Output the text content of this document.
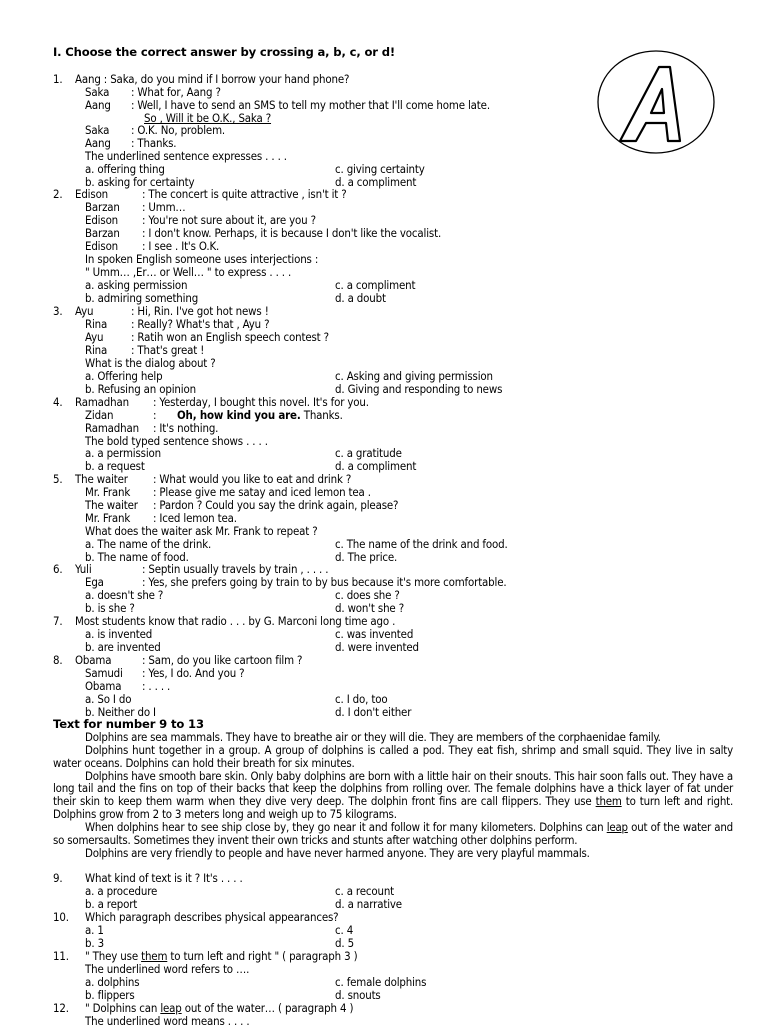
I. Choose the correct answer by crossing a, b, c, or d!
1. Aang : Saka, do you mind if I borrow your hand phone?
Saka : What for, Aang ?
Aang : Well, I have to send an SMS to tell my mother that I'll come home late.
So , Will it be O.K., Saka ?
Saka : O.K. No, problem.
Aang : Thanks.
The underlined sentence expresses . . . .
a. offering thing	c. giving certainty
b. asking for certainty	d. a compliment
2. Edison	: The concert is quite attractive , isn't it ?
Barzan : Umm…
Edison : You're not sure about it, are you ?
Barzan : I don't know. Perhaps, it is because I don't like the vocalist.
Edison : I see . It's O.K.
In spoken English someone uses interjections :
" Umm… ,Er… or Well… " to express . . . .
a. asking permission	c. a compliment
b. admiring something	d. a doubt
3. Ayu	: Hi, Rin. I've got hot news !
Rina : Really? What's that , Ayu ?
Ayu : Ratih won an English speech contest ?
Rina : That's great !
What is the dialog about ?
a. Offering help	c. Asking and giving permission
b. Refusing an opinion	d. Giving and responding to news
4. Ramadhan : Yesterday, I bought this novel. It's for you.
Zidan	: Oh, how kind you are. Thanks.
Ramadhan : It's nothing.
The bold typed sentence shows . . . .
a. a permission	c. a gratitude
b. a request	d. a compliment
5. The waiter : What would you like to eat and drink ?
Mr. Frank : Please give me satay and iced lemon tea .
The waiter : Pardon ? Could you say the drink again, please?
Mr. Frank : Iced lemon tea.
What does the waiter ask Mr. Frank to repeat ?
a. The name of the drink.	c. The name of the drink and food.
b. The name of food.	d. The price.
6. Yuli	: Septin usually travels by train , . . . .
Ega	: Yes, she prefers going by train to by bus because it's more comfortable.
a. doesn't she ?	c. does she ?
b. is she ?	d. won't she ?
7. Most students know that radio . . . by G. Marconi long time ago .
a. is invented	c. was invented
b. are invented	d. were invented
8. Obama	: Sam, do you like cartoon film ?
Samudi : Yes, I do. And you ?
Obama : . . . .
a. So I do	c. I do, too
b. Neither do I	d. I don't either
Text for number 9 to 13

Dolphins are sea mammals. They have to breathe air or they will die. They are members of the corphaenidae family.

Dolphins hunt together in a group. A group of dolphins is called a pod. They eat fish, shrimp and small squid. They live in salty water oceans. Dolphins can hold their breath for six minutes.

Dolphins have smooth bare skin. Only baby dolphins are born with a little hair on their snouts. This hair soon falls out. They have a long tail and the fins on top of their backs that keep the dolphins from rolling over. The female dolphins have a thick layer of fat under their skin to keep them warm when they dive very deep. The dolphin front fins are call flippers. They use them to turn left and right. Dolphins grow from 2 to 3 meters long and weigh up to 75 kilograms.

When dolphins hear to see ship close by, they go near it and follow it for many kilometers. Dolphins can leap out of the water and so somersaults. Sometimes they invent their own tricks and stunts after watching other dolphins perform.

Dolphins are very friendly to people and have never harmed anyone. They are very playful mammals.

9. What kind of text is it ? It's . . . .
a. a procedure	c. a recount
b. a report	d. a narrative
10. Which paragraph describes physical appearances?
a. 1	c. 4
b. 3	d. 5
11. " They use them to turn left and right " ( paragraph 3 )
The underlined word refers to ….
a. dolphins	c. female dolphins
b. flippers	d. snouts
12. " Dolphins can leap out of the water… ( paragraph 4 )
The underlined word means . . . .
